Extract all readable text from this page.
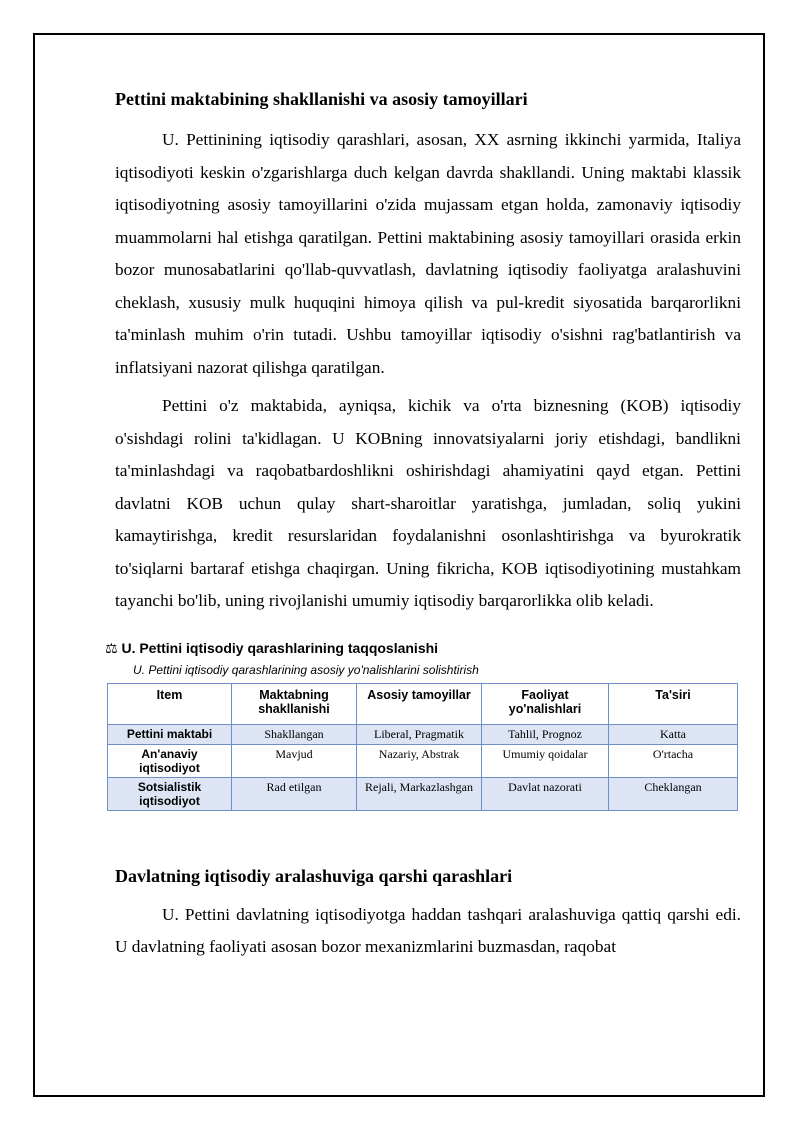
Pettini maktabining shakllanishi va asosiy tamoyillari

U. Pettinining iqtisodiy qarashlari, asosan, XX asrning ikkinchi yarmida, Italiya iqtisodiyoti keskin o'zgarishlarga duch kelgan davrda shakllandi. Uning maktabi klassik iqtisodiyotning asosiy tamoyillarini o'zida mujassam etgan holda, zamonaviy iqtisodiy muammolarni hal etishga qaratilgan. Pettini maktabining asosiy tamoyillari orasida erkin bozor munosabatlarini qo'llab-quvvatlash, davlatning iqtisodiy faoliyatga aralashuvini cheklash, xususiy mulk huquqini himoya qilish va pul-kredit siyosatida barqarorlikni ta'minlash muhim o'rin tutadi. Ushbu tamoyillar iqtisodiy o'sishni rag'batlantirish va inflatsiyani nazorat qilishga qaratilgan.

Pettini o'z maktabida, ayniqsa, kichik va o'rta biznesning (KOB) iqtisodiy o'sishdagi rolini ta'kidlagan. U KOBning innovatsiyalarni joriy etishdagi, bandlikni ta'minlashdagi va raqobatbardoshlikni oshirishdagi ahamiyatini qayd etgan. Pettini davlatni KOB uchun qulay shart-sharoitlar yaratishga, jumladan, soliq yukini kamaytirishga, kredit resurslaridan foydalanishni osonlashtirishga va byurokratik to'siqlarni bartaraf etishga chaqirgan. Uning fikricha, KOB iqtisodiyotining mustahkam tayanchi bo'lib, uning rivojlanishi umumiy iqtisodiy barqarorlikka olib keladi.

⚖ U. Pettini iqtisodiy qarashlarining taqqoslanishi
U. Pettini iqtisodiy qarashlarining asosiy yo'nalishlarini solishtirish
Item	Maktabning shakllanishi	Asosiy tamoyillar	Faoliyat yo'nalishlari	Ta'siri
Pettini maktabi	Shakllangan	Liberal, Pragmatik	Tahlil, Prognoz	Katta
An'anaviy iqtisodiyot	Mavjud	Nazariy, Abstrak	Umumiy qoidalar	O'rtacha
Sotsialistik iqtisodiyot	Rad etilgan	Rejali, Markazlashgan	Davlat nazorati	Cheklangan
Davlatning iqtisodiy aralashuviga qarshi qarashlari

U. Pettini davlatning iqtisodiyotga haddan tashqari aralashuviga qattiq qarshi edi. U davlatning faoliyati asosan bozor mexanizmlarini buzmasdan, raqobat
